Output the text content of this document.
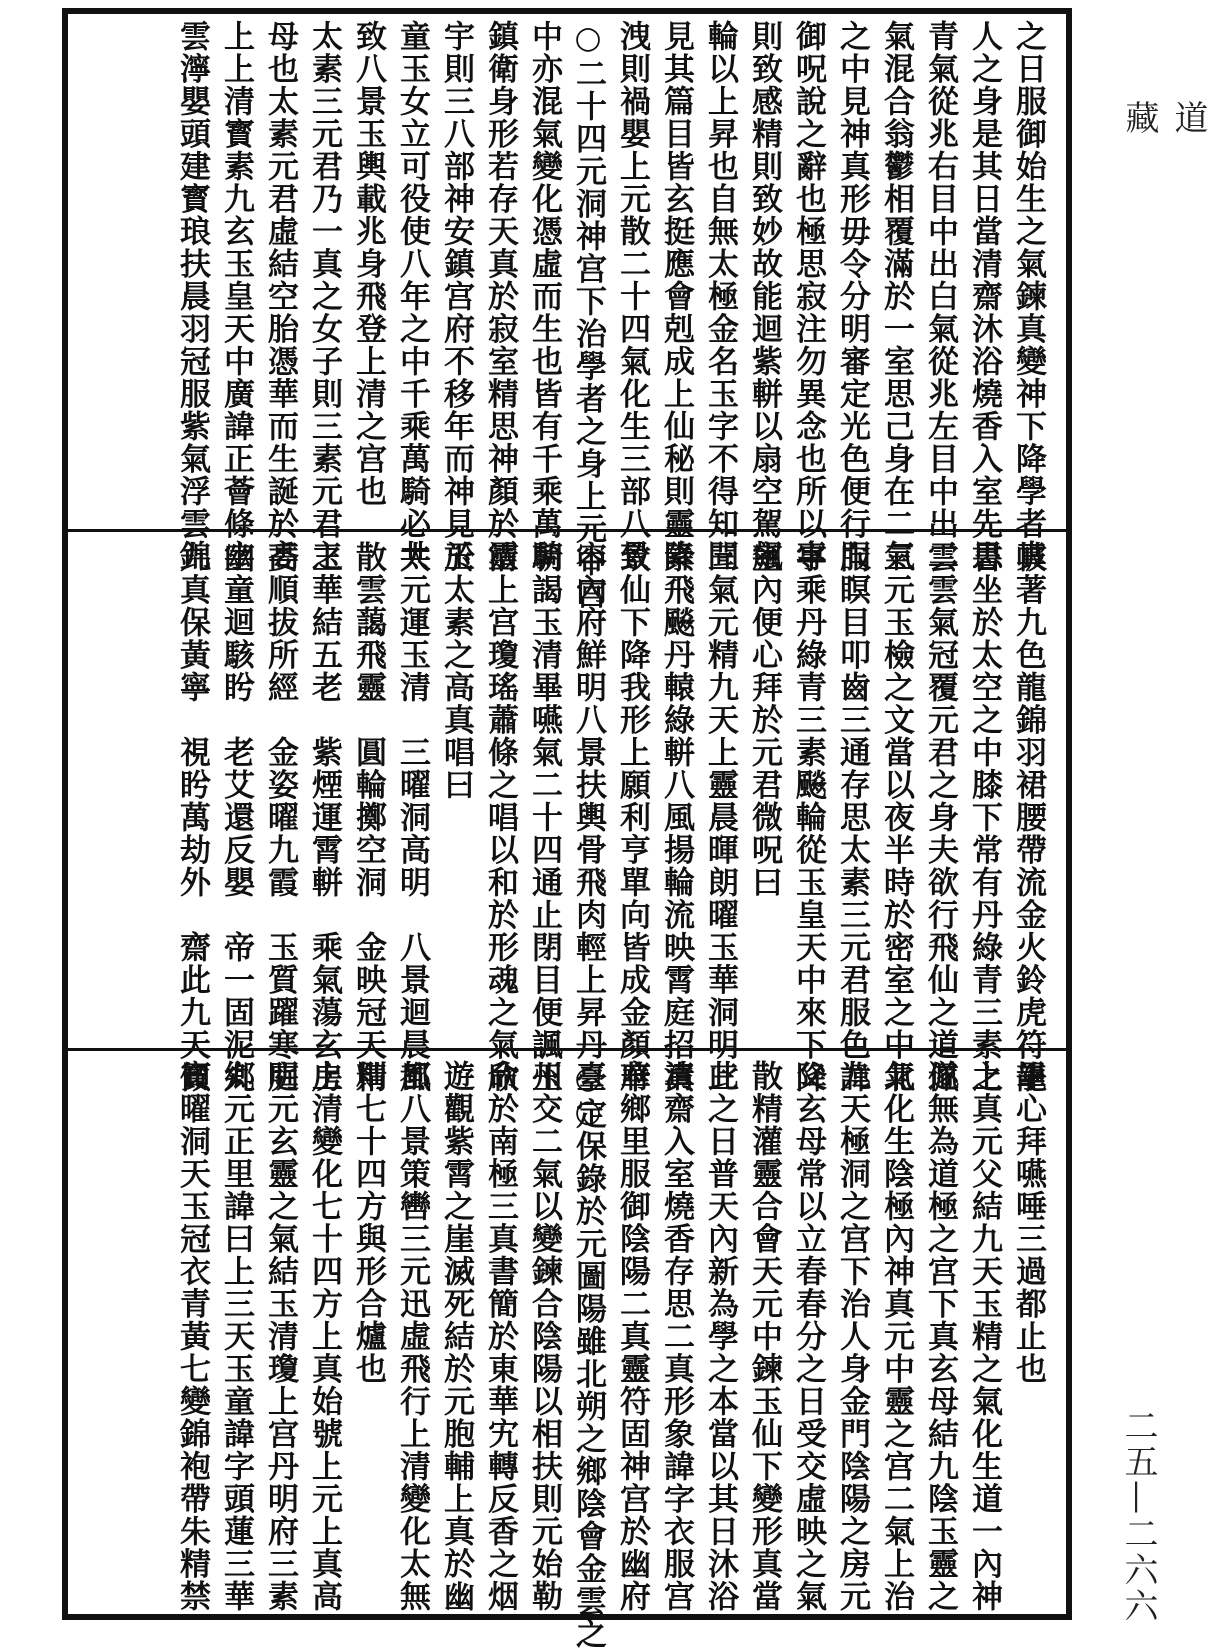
之日服御始生之氣鍊真變神下降學者真
人之身是其日當清齋沐浴燒香入室先思
青氣從兆右目中出白氣從兆左目中出二
氣混合翁鬱相覆滿於一室思己身在二氣
之中見神真形毋令分明審定光色便行服
御呪說之辭也極思寂注勿異念也所以專
則致感精則致妙故能迴紫軿以扇空駕飆
輪以上昇也自無太極金名玉字不得知聞
見其篇目皆玄挺應會剋成上仙秘則靈降
洩則禍嬰上元散二十四氣化生三部八景
○二十四元洞神宫下治學者之身上元中宫
中亦混氣變化憑虛而生也皆有千乘萬騎
鎮衛身形若存天真於寂室精思神顏於靈
宇則三八部神安鎮宫府不移年而神見玉
童玉女立可役使八年之中千乘萬騎必共
致八景玉輿載兆身飛登上清之宫也
太素三元君乃一真之女子則三素元君之
母也太素元君虛結空胎憑華而生誕於高
上上清寳素九玄玉皇天中廣諱正薈條字
雲濘嬰頭建寳琅扶晨羽冠服紫氣浮雲錦
帔著九色龍錦羽裙腰帶流金火鈴虎符龍
書坐於太空之中膝下常有丹綠青三素之
雲雲氣冠覆元君之身夫欲行飛仙之道佩
三元玉檢之文當以夜半時於密室之中北
向瞑目叩齒三通存思太素三元君服色諱
字乘丹綠青三素飈輪從玉皇天中來下降
室內便心拜於元君微呪曰
三氣元精九天上靈晨暉朗曜玉華洞明三
素飛飈丹轅綠軿八風揚輪流映霄庭招真
致仙下降我形上願利亨單向皆成金顏華
容內府鮮明八景扶輿骨飛肉輕上昇丹臺○
朝謁玉清畢嚥氣二十四通止閉目便諷玉
清上宫瓊瑤蕭條之唱以和於形魂之氣欣
於太素之高真唱曰
太元運玉清　三曜洞高明　八景迴晨風
散雲藹飛靈　圓輪擲空洞　金映冠天精
玉華結五老　紫煙運霄軿　乘氣蕩玄房
委順拔所經　金姿曜九霞　玉質躍寒庭
幽童迴駭盻　老艾還反嬰　帝一固泥丸
九真保黃寧　視盻萬劫外　齋此九天傾
畢心拜嚥唾三過都止也
上真元父結九天玉精之氣化生道一內神
遂無為道極之宫下真玄母結九陰玉靈之
氣化生陰極內神真元中靈之宫二氣上治
九天極洞之宫下治人身金門陰陽之房元
父玄母常以立春春分之日受交虛映之氣
散精灌靈合會天元中鍊玉仙下變形真當
此之日普天內新為學之本當以其日沐浴
清齋入室燒香存思二真形象諱字衣服宫
府鄉里服御陰陽二真靈符固神宫於幽府
○定保錄於元圖陽雖北朔之鄉陰會金雲之
州交二氣以變鍊合陰陽以相扶則元始勒
命於南極三真書簡於東華宄轉反香之烟
遊觀紫霄之崖滅死結於元胞輔上真於幽
都八景策轡三元迅虛飛行上清變化太無
則七十四方與形合爐也
上清變化七十四方上真始號上元上真高
明元玄靈之氣結玉清瓊上宫丹明府三素
鄉元正里諱曰上三天玉童諱字頭蓮三華
寳曜洞天玉冠衣青黃七變錦袍帶朱精禁
道藏
二五—二六六
